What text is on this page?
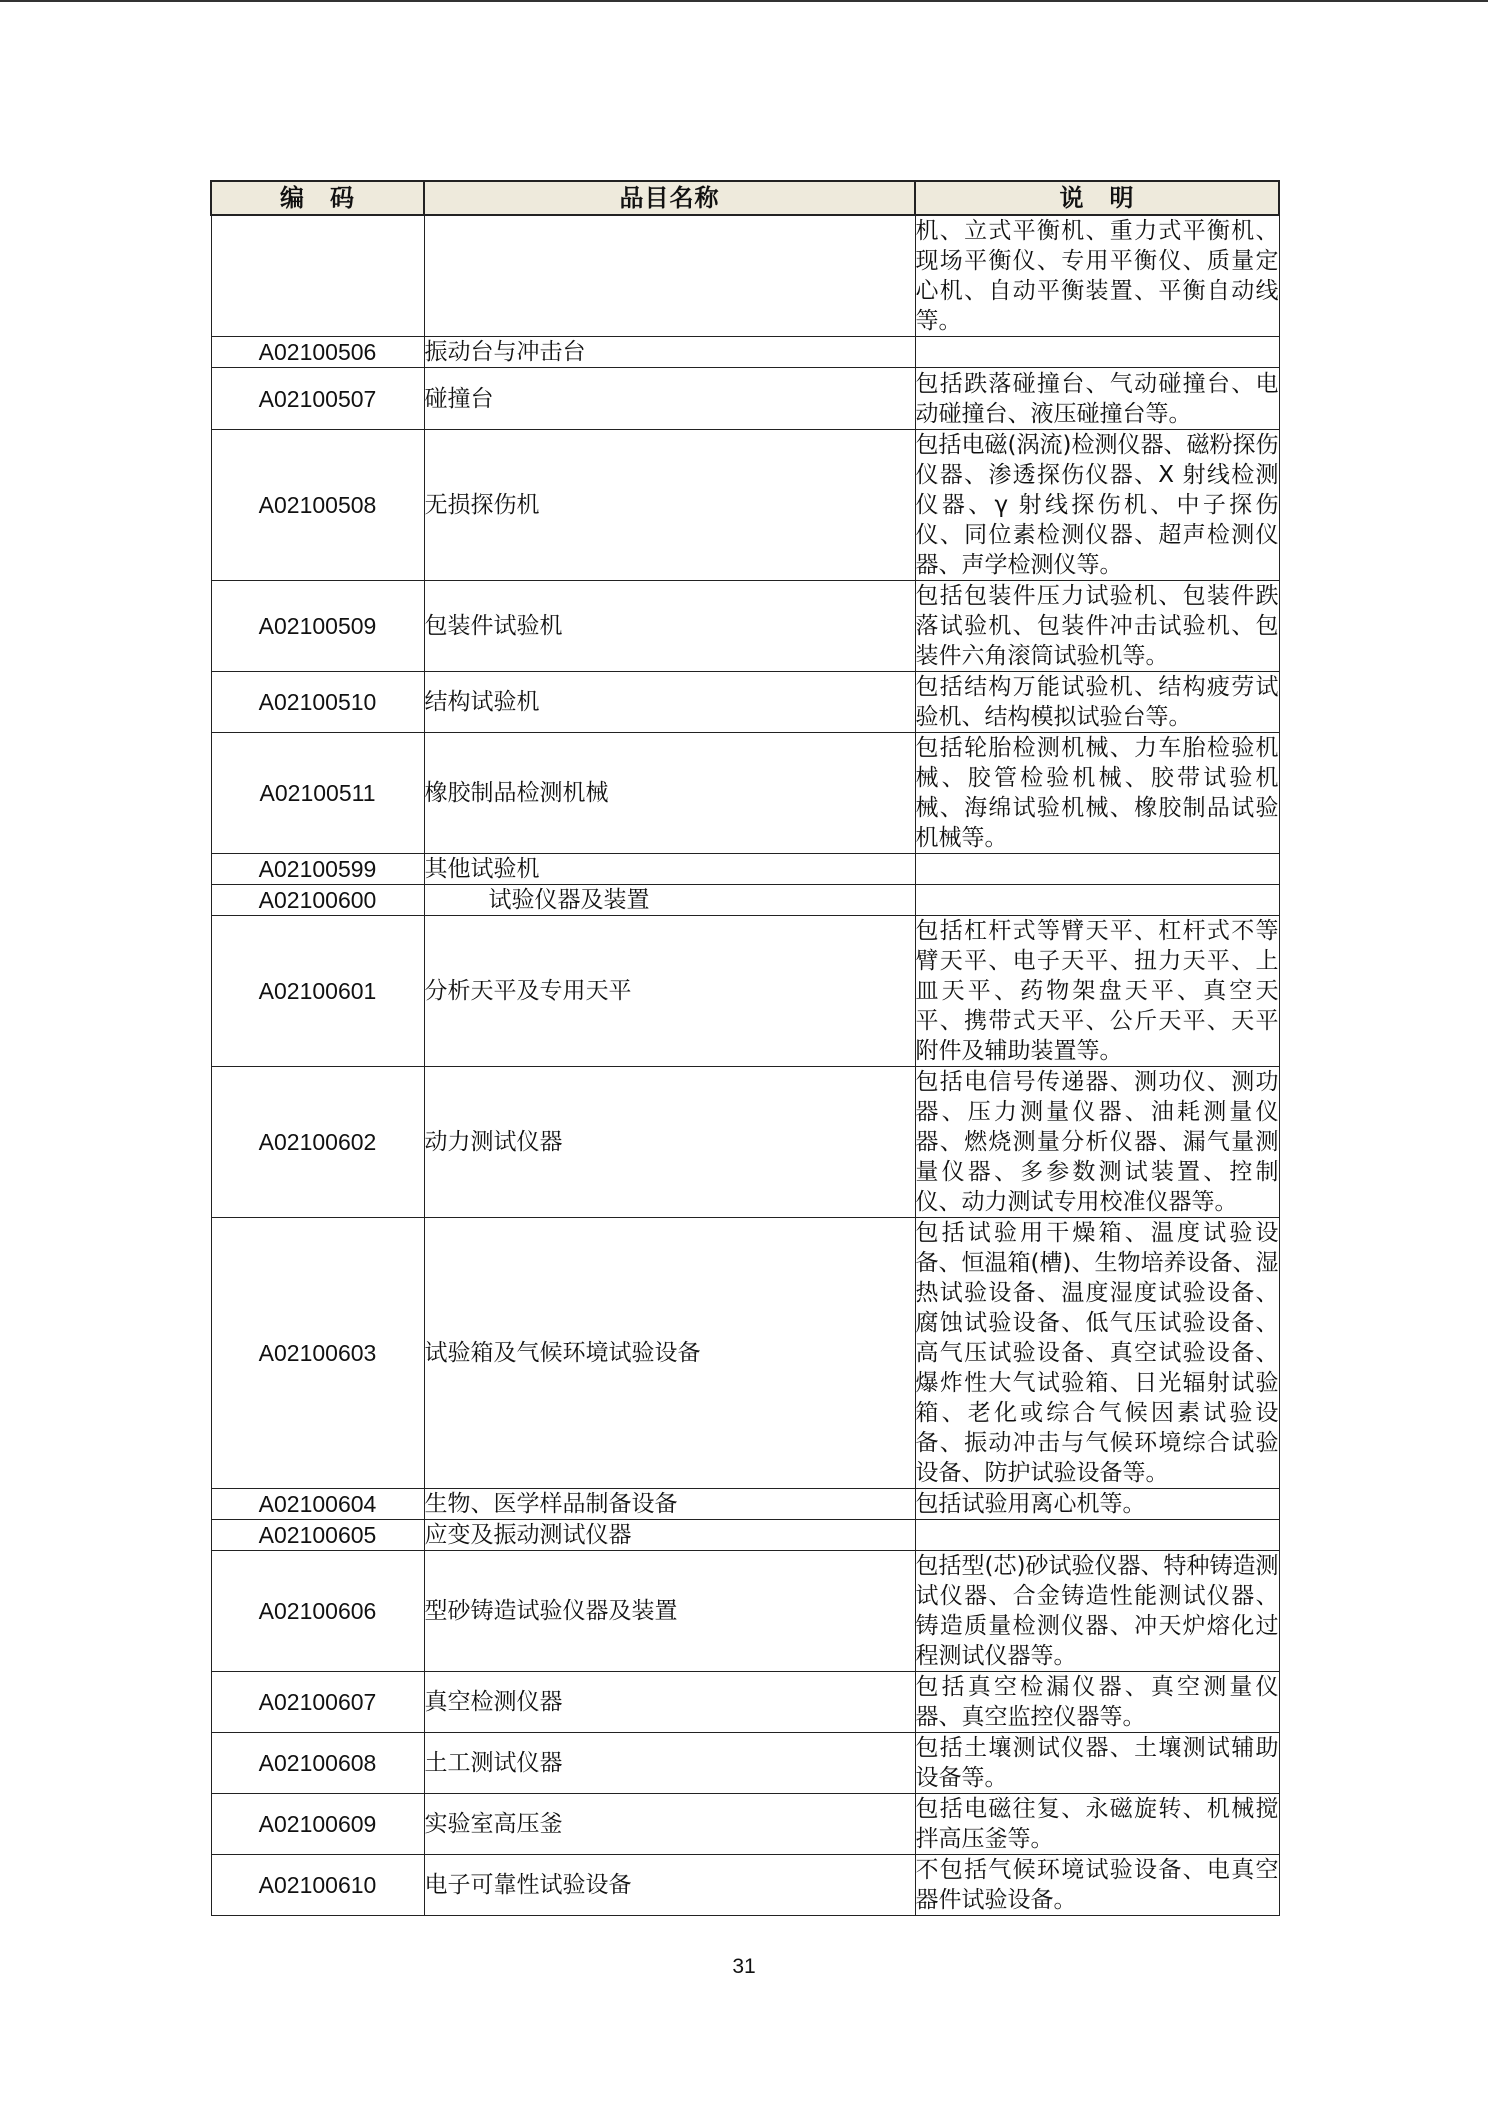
编　码	品目名称	说　明
		机、立式平衡机、重力式平衡机、现场平衡仪、专用平衡仪、质量定心机、自动平衡装置、平衡自动线等。
A02100506	振动台与冲击台	
A02100507	碰撞台	包括跌落碰撞台、气动碰撞台、电动碰撞台、液压碰撞台等。
A02100508	无损探伤机	包括电磁(涡流)检测仪器、磁粉探伤仪器、渗透探伤仪器、X 射线检测仪器、γ 射线探伤机、中子探伤仪、同位素检测仪器、超声检测仪器、声学检测仪等。
A02100509	包装件试验机	包括包装件压力试验机、包装件跌落试验机、包装件冲击试验机、包装件六角滚筒试验机等。
A02100510	结构试验机	包括结构万能试验机、结构疲劳试验机、结构模拟试验台等。
A02100511	橡胶制品检测机械	包括轮胎检测机械、力车胎检验机械、胶管检验机械、胶带试验机械、海绵试验机械、橡胶制品试验机械等。
A02100599	其他试验机	
A02100600	试验仪器及装置	
A02100601	分析天平及专用天平	包括杠杆式等臂天平、杠杆式不等臂天平、电子天平、扭力天平、上皿天平、药物架盘天平、真空天平、携带式天平、公斤天平、天平附件及辅助装置等。
A02100602	动力测试仪器	包括电信号传递器、测功仪、测功器、压力测量仪器、油耗测量仪器、燃烧测量分析仪器、漏气量测量仪器、多参数测试装置、控制仪、动力测试专用校准仪器等。
A02100603	试验箱及气候环境试验设备	包括试验用干燥箱、温度试验设备、恒温箱(槽)、生物培养设备、湿热试验设备、温度湿度试验设备、腐蚀试验设备、低气压试验设备、高气压试验设备、真空试验设备、爆炸性大气试验箱、日光辐射试验箱、老化或综合气候因素试验设备、振动冲击与气候环境综合试验设备、防护试验设备等。
A02100604	生物、医学样品制备设备	包括试验用离心机等。
A02100605	应变及振动测试仪器	
A02100606	型砂铸造试验仪器及装置	包括型(芯)砂试验仪器、特种铸造测试仪器、合金铸造性能测试仪器、铸造质量检测仪器、冲天炉熔化过程测试仪器等。
A02100607	真空检测仪器	包括真空检漏仪器、真空测量仪器、真空监控仪器等。
A02100608	土工测试仪器	包括土壤测试仪器、土壤测试辅助设备等。
A02100609	实验室高压釜	包括电磁往复、永磁旋转、机械搅拌高压釜等。
A02100610	电子可靠性试验设备	不包括气候环境试验设备、电真空器件试验设备。
31
